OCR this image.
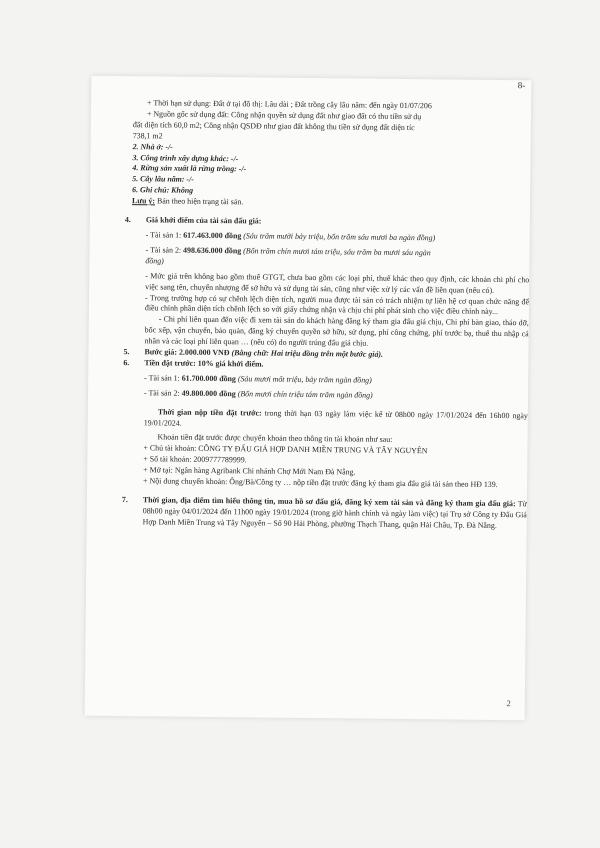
8-
+ Thời hạn sử dụng: Đất ở tại đô thị: Lâu dài ; Đất trồng cây lâu năm: đến ngày 01/07/206
+ Nguồn gốc sử dụng đất: Công nhận quyền sử dụng đất như giao đất có thu tiền sử dụ
đất diện tích 60,0 m2; Công nhận QSDĐ như giao đất không thu tiền sử dụng đất diện tíc
738,1 m2
2. Nhà ở: -/-
3. Công trình xây dựng khác: -/-
4. Rừng sản xuất là rừng trồng: -/-
5. Cây lâu năm: -/-
6. Ghi chú: Không
Lưu ý: Bán theo hiện trạng tài sản.
4. Giá khởi điểm của tài sản đấu giá:
- Tài sản 1: 617.463.000 đồng (Sáu trăm mười bảy triệu, bốn trăm sáu mươi ba ngàn đồng)
- Tài sản 2: 498.636.000 đồng (Bốn trăm chín mươi tám triệu, sáu trăm ba mươi sáu ngàn
đồng)
- Mức giá trên không bao gồm thuế GTGT, chưa bao gồm các loại phí, thuế khác theo quy định, các khoản chi phí cho việc sang tên, chuyển nhượng để sở hữu và sử dụng tài sản, cũng như việc xử lý các vấn đề liên quan (nếu có).
- Trong trường hợp có sự chênh lệch diện tích, người mua được tài sản có trách nhiệm tự liên hệ cơ quan chức năng để điều chỉnh phần diện tích chênh lệch so với giấy chứng nhận và chịu chi phí phát sinh cho việc điều chỉnh này...
- Chi phí liên quan đến việc đi xem tài sản do khách hàng đăng ký tham gia đấu giá chịu, Chi phí bàn giao, tháo dỡ, bốc xếp, vận chuyển, bảo quản, đăng ký chuyển quyền sở hữu, sử dụng, phí công chứng, phí trước bạ, thuế thu nhập cá nhân và các loại phí liên quan … (nếu có) do người trúng đấu giá chịu.
5. Bước giá: 2.000.000 VNĐ (Bằng chữ: Hai triệu đồng trên một bước giá).
6. Tiền đặt trước: 10% giá khởi điểm.
- Tài sản 1: 61.700.000 đồng (Sáu mươi mốt triệu, bảy trăm ngàn đồng)
- Tài sản 2: 49.800.000 đồng (Bốn mươi chín triệu tám trăm ngàn đồng)
Thời gian nộp tiền đặt trước: trong thời hạn 03 ngày làm việc kể từ 08h00 ngày 17/01/2024 đến 16h00 ngày 19/01/2024.
Khoản tiền đặt trước được chuyển khoản theo thông tin tài khoản như sau:
+ Chủ tài khoản: CÔNG TY ĐẤU GIÁ HỢP DANH MIỀN TRUNG VÀ TÂY NGUYÊN
+ Số tài khoản: 2009777789999.
+ Mở tại: Ngân hàng Agribank Chi nhánh Chợ Mới Nam Đà Nẵng.
+ Nội dung chuyển khoản: Ông/Bà/Công ty … nộp tiền đặt trước đăng ký tham gia đấu giá tài sản theo HĐ 139.
7. Thời gian, địa điểm tìm hiểu thông tin, mua hồ sơ đấu giá, đăng ký xem tài sản và đăng ký tham gia đấu giá: Từ 08h00 ngày 04/01/2024 đến 11h00 ngày 19/01/2024 (trong giờ hành chính và ngày làm việc) tại Trụ sở Công ty Đấu Giá Hợp Danh Miền Trung và Tây Nguyên – Số 90 Hải Phòng, phường Thạch Thang, quận Hải Châu, Tp. Đà Nẵng.
2
